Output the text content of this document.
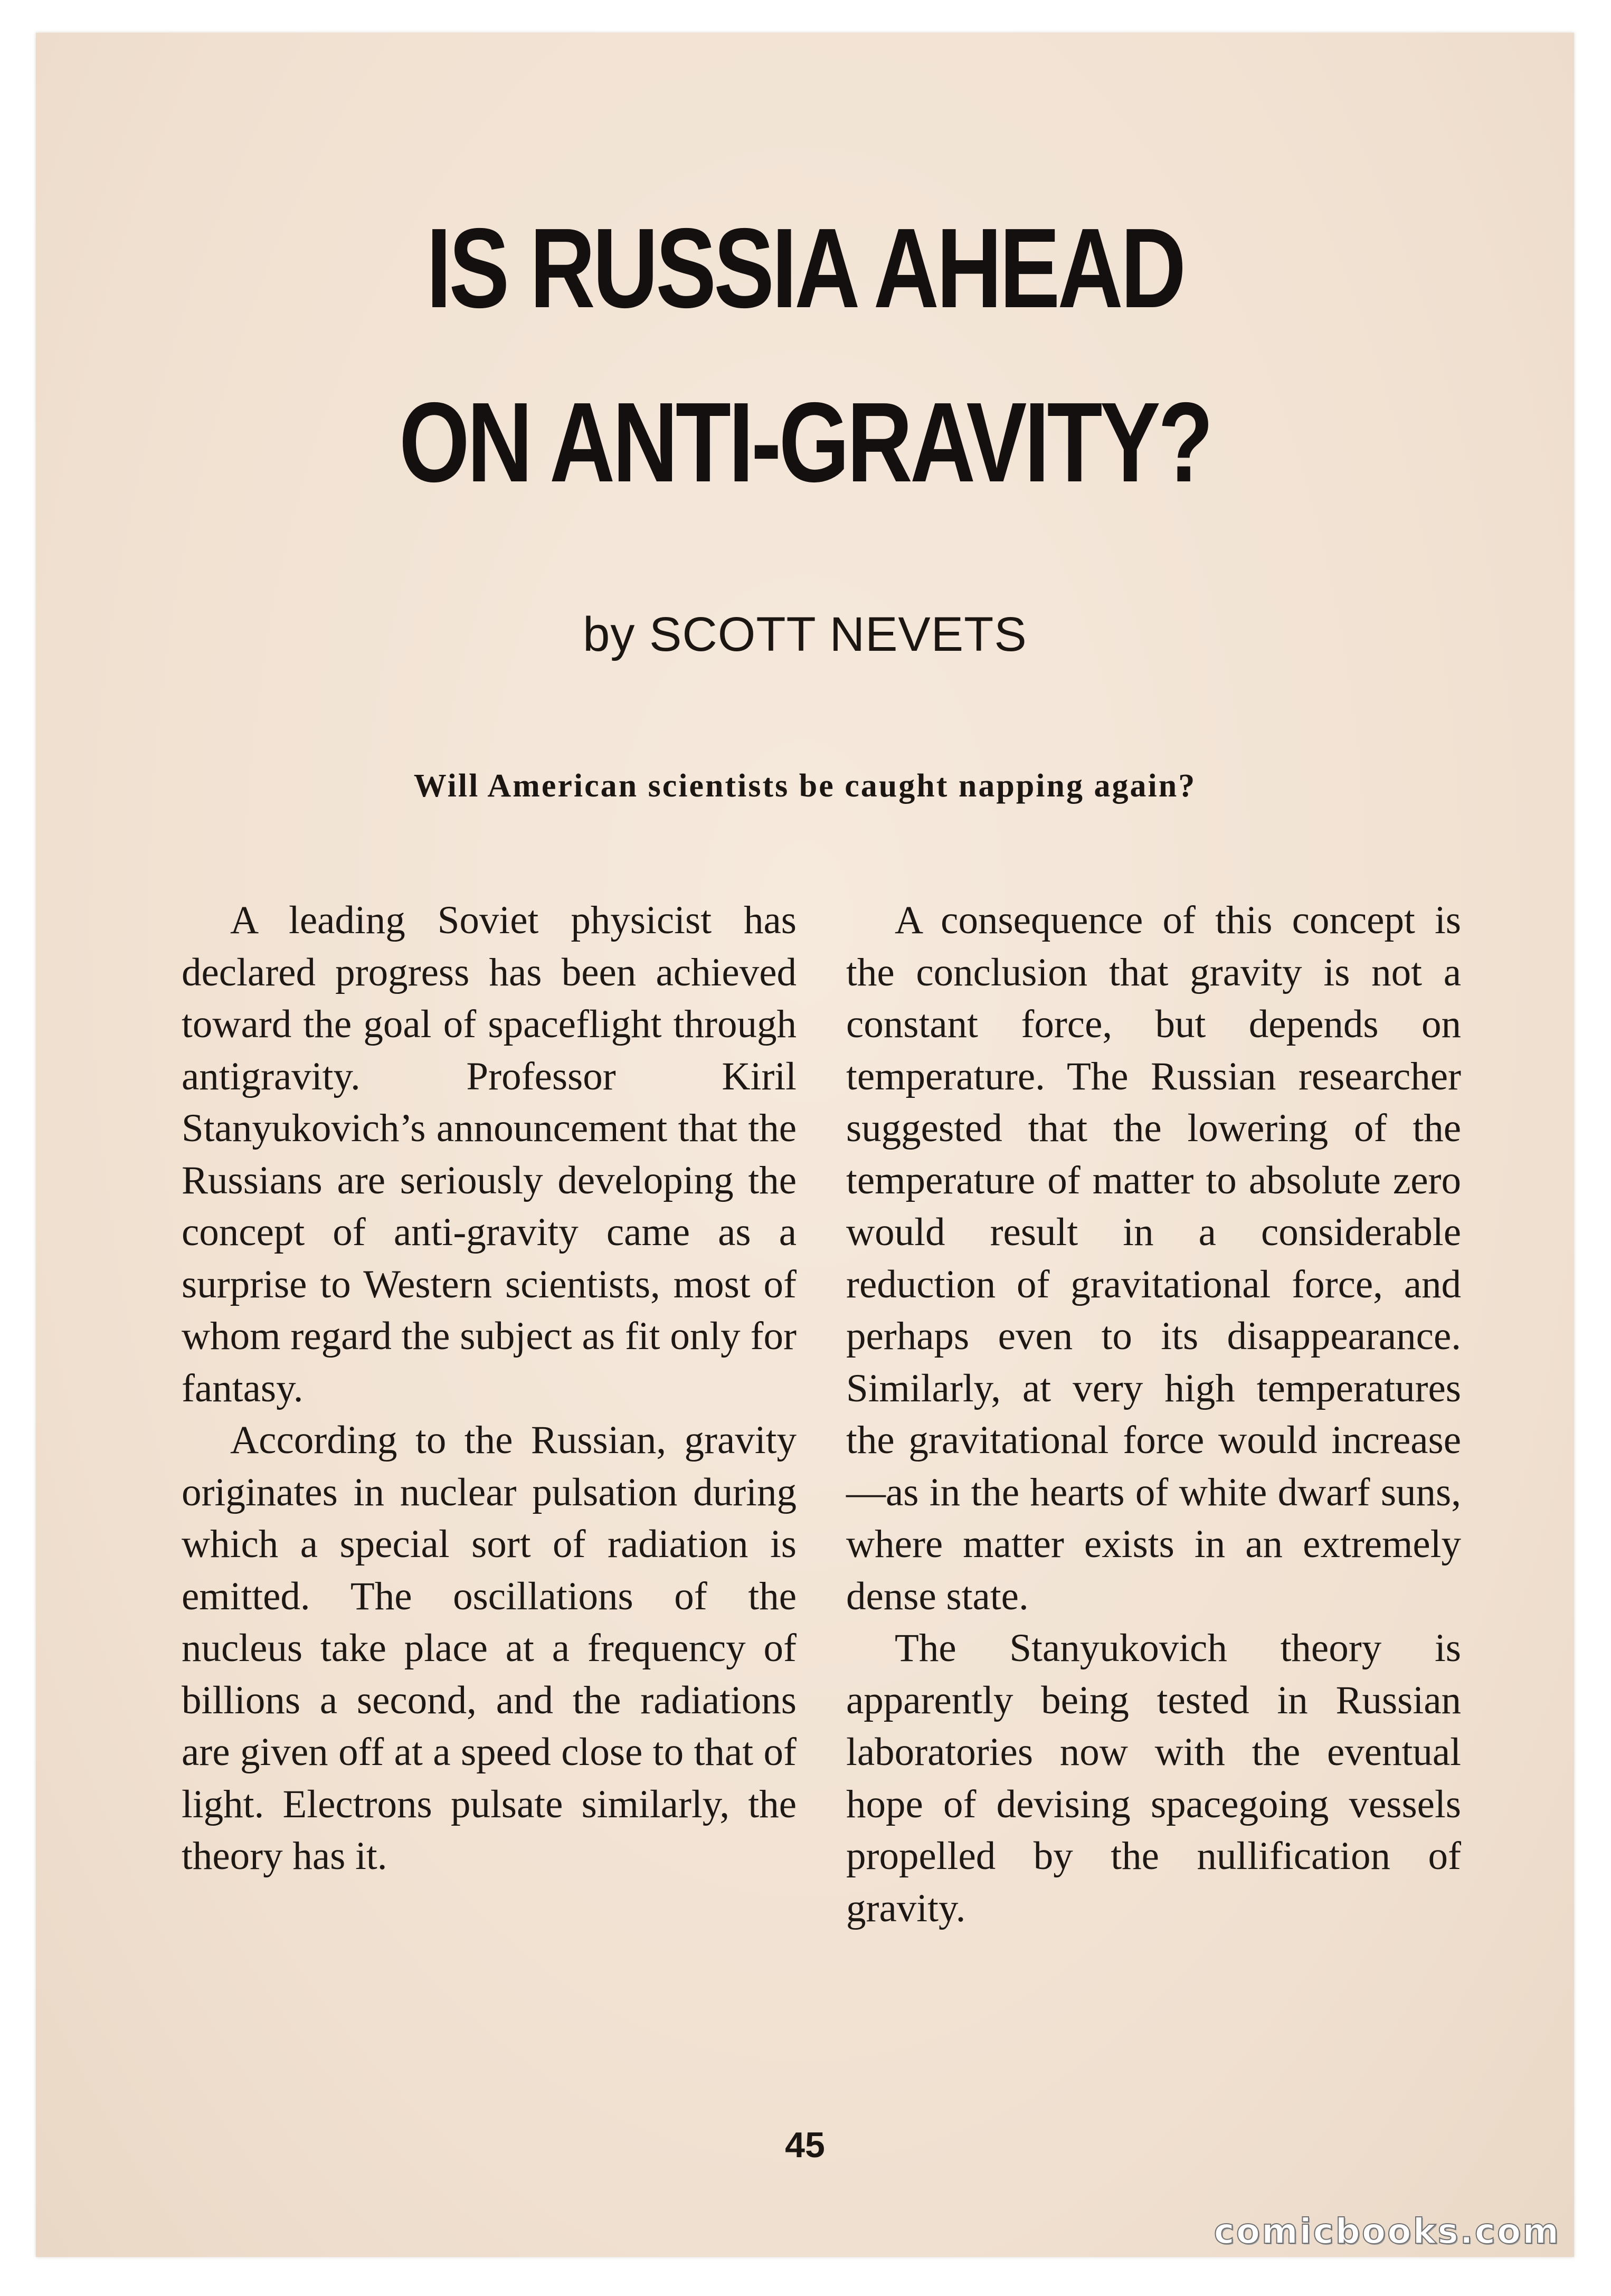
IS RUSSIA AHEAD
ON ANTI-GRAVITY?
by SCOTT NEVETS
Will American scientists be caught napping again?

A leading Soviet physicist has declared progress has been achieved toward the goal of spaceflight through antigravity. Professor Kiril Stanyukovich’s announcement that the Russians are seriously developing the concept of anti-gravity came as a surprise to Western scientists, most of whom regard the subject as fit only for fantasy.

According to the Russian, gravity originates in nuclear pulsation during which a special sort of radiation is emitted. The oscillations of the nucleus take place at a frequency of billions a second, and the radiations are given off at a speed close to that of light. Electrons pulsate similarly, the theory has it.

A consequence of this concept is the conclusion that gravity is not a constant force, but depends on temperature. The Russian researcher suggested that the lowering of the temperature of matter to absolute zero would result in a considerable reduction of gravitational force, and perhaps even to its disappearance. Similarly, at very high temperatures the gravitational force would increase—as in the hearts of white dwarf suns, where matter exists in an extremely dense state.

The Stanyukovich theory is apparently being tested in Russian laboratories now with the eventual hope of devising spacegoing vessels propelled by the nullification of gravity.

45
comicbooks.com
